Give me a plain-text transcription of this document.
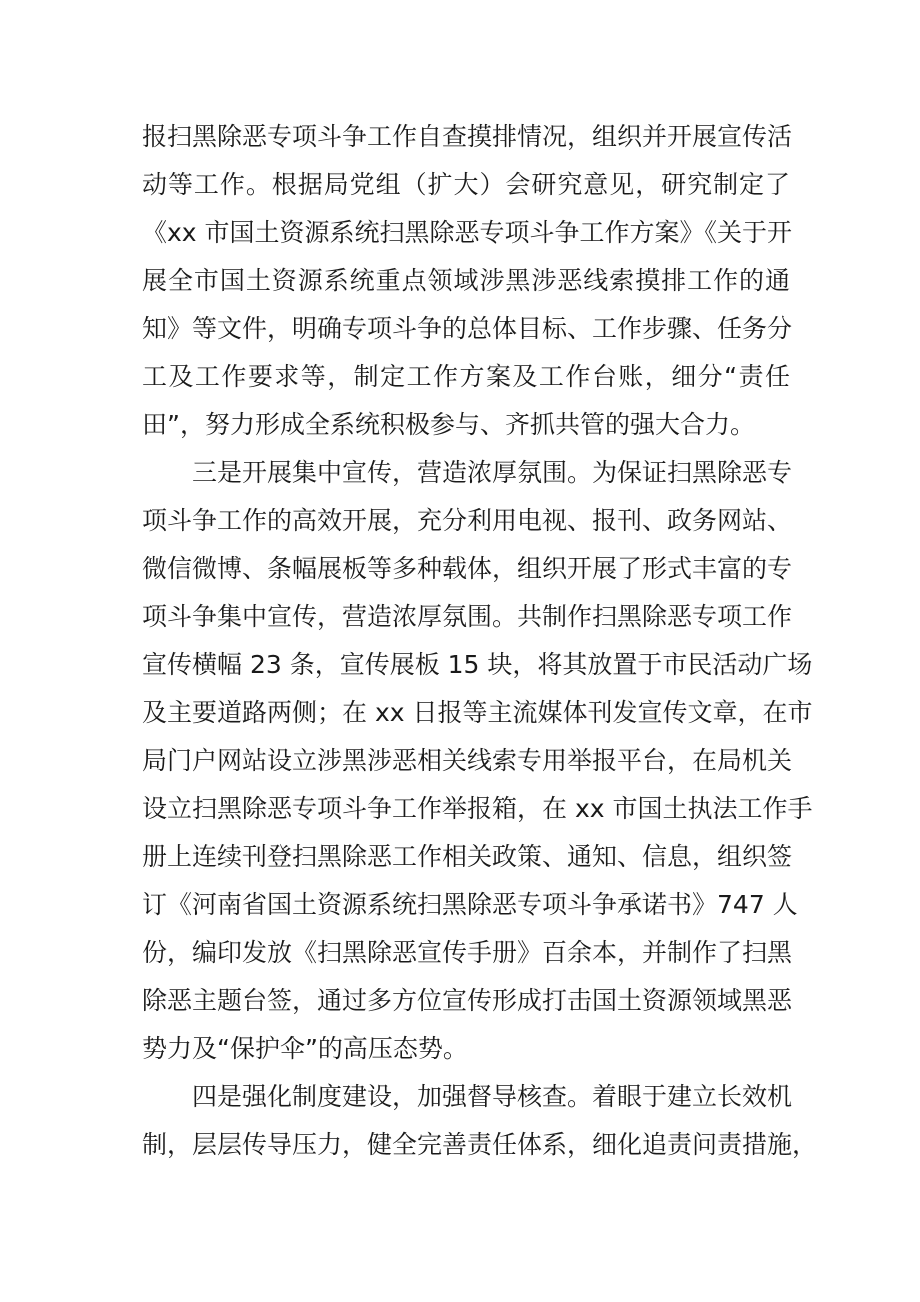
报扫黑除恶专项斗争工作自查摸排情况，组织并开展宣传活
动等工作。根据局党组（扩大）会研究意见，研究制定了
《xx 市国土资源系统扫黑除恶专项斗争工作方案》《关于开
展全市国土资源系统重点领域涉黑涉恶线索摸排工作的通
知》等文件，明确专项斗争的总体目标、工作步骤、任务分
工及工作要求等，制定工作方案及工作台账，细分“责任
田”，努力形成全系统积极参与、齐抓共管的强大合力。
三是开展集中宣传，营造浓厚氛围。为保证扫黑除恶专
项斗争工作的高效开展，充分利用电视、报刊、政务网站、
微信微博、条幅展板等多种载体，组织开展了形式丰富的专
项斗争集中宣传，营造浓厚氛围。共制作扫黑除恶专项工作
宣传横幅 23 条，宣传展板 15 块，将其放置于市民活动广场
及主要道路两侧；在 xx 日报等主流媒体刊发宣传文章，在市
局门户网站设立涉黑涉恶相关线索专用举报平台，在局机关
设立扫黑除恶专项斗争工作举报箱，在 xx 市国土执法工作手
册上连续刊登扫黑除恶工作相关政策、通知、信息，组织签
订《河南省国土资源系统扫黑除恶专项斗争承诺书》747 人
份，编印发放《扫黑除恶宣传手册》百余本，并制作了扫黑
除恶主题台签，通过多方位宣传形成打击国土资源领域黑恶
势力及“保护伞”的高压态势。
四是强化制度建设，加强督导核查。着眼于建立长效机
制，层层传导压力，健全完善责任体系，细化追责问责措施，
